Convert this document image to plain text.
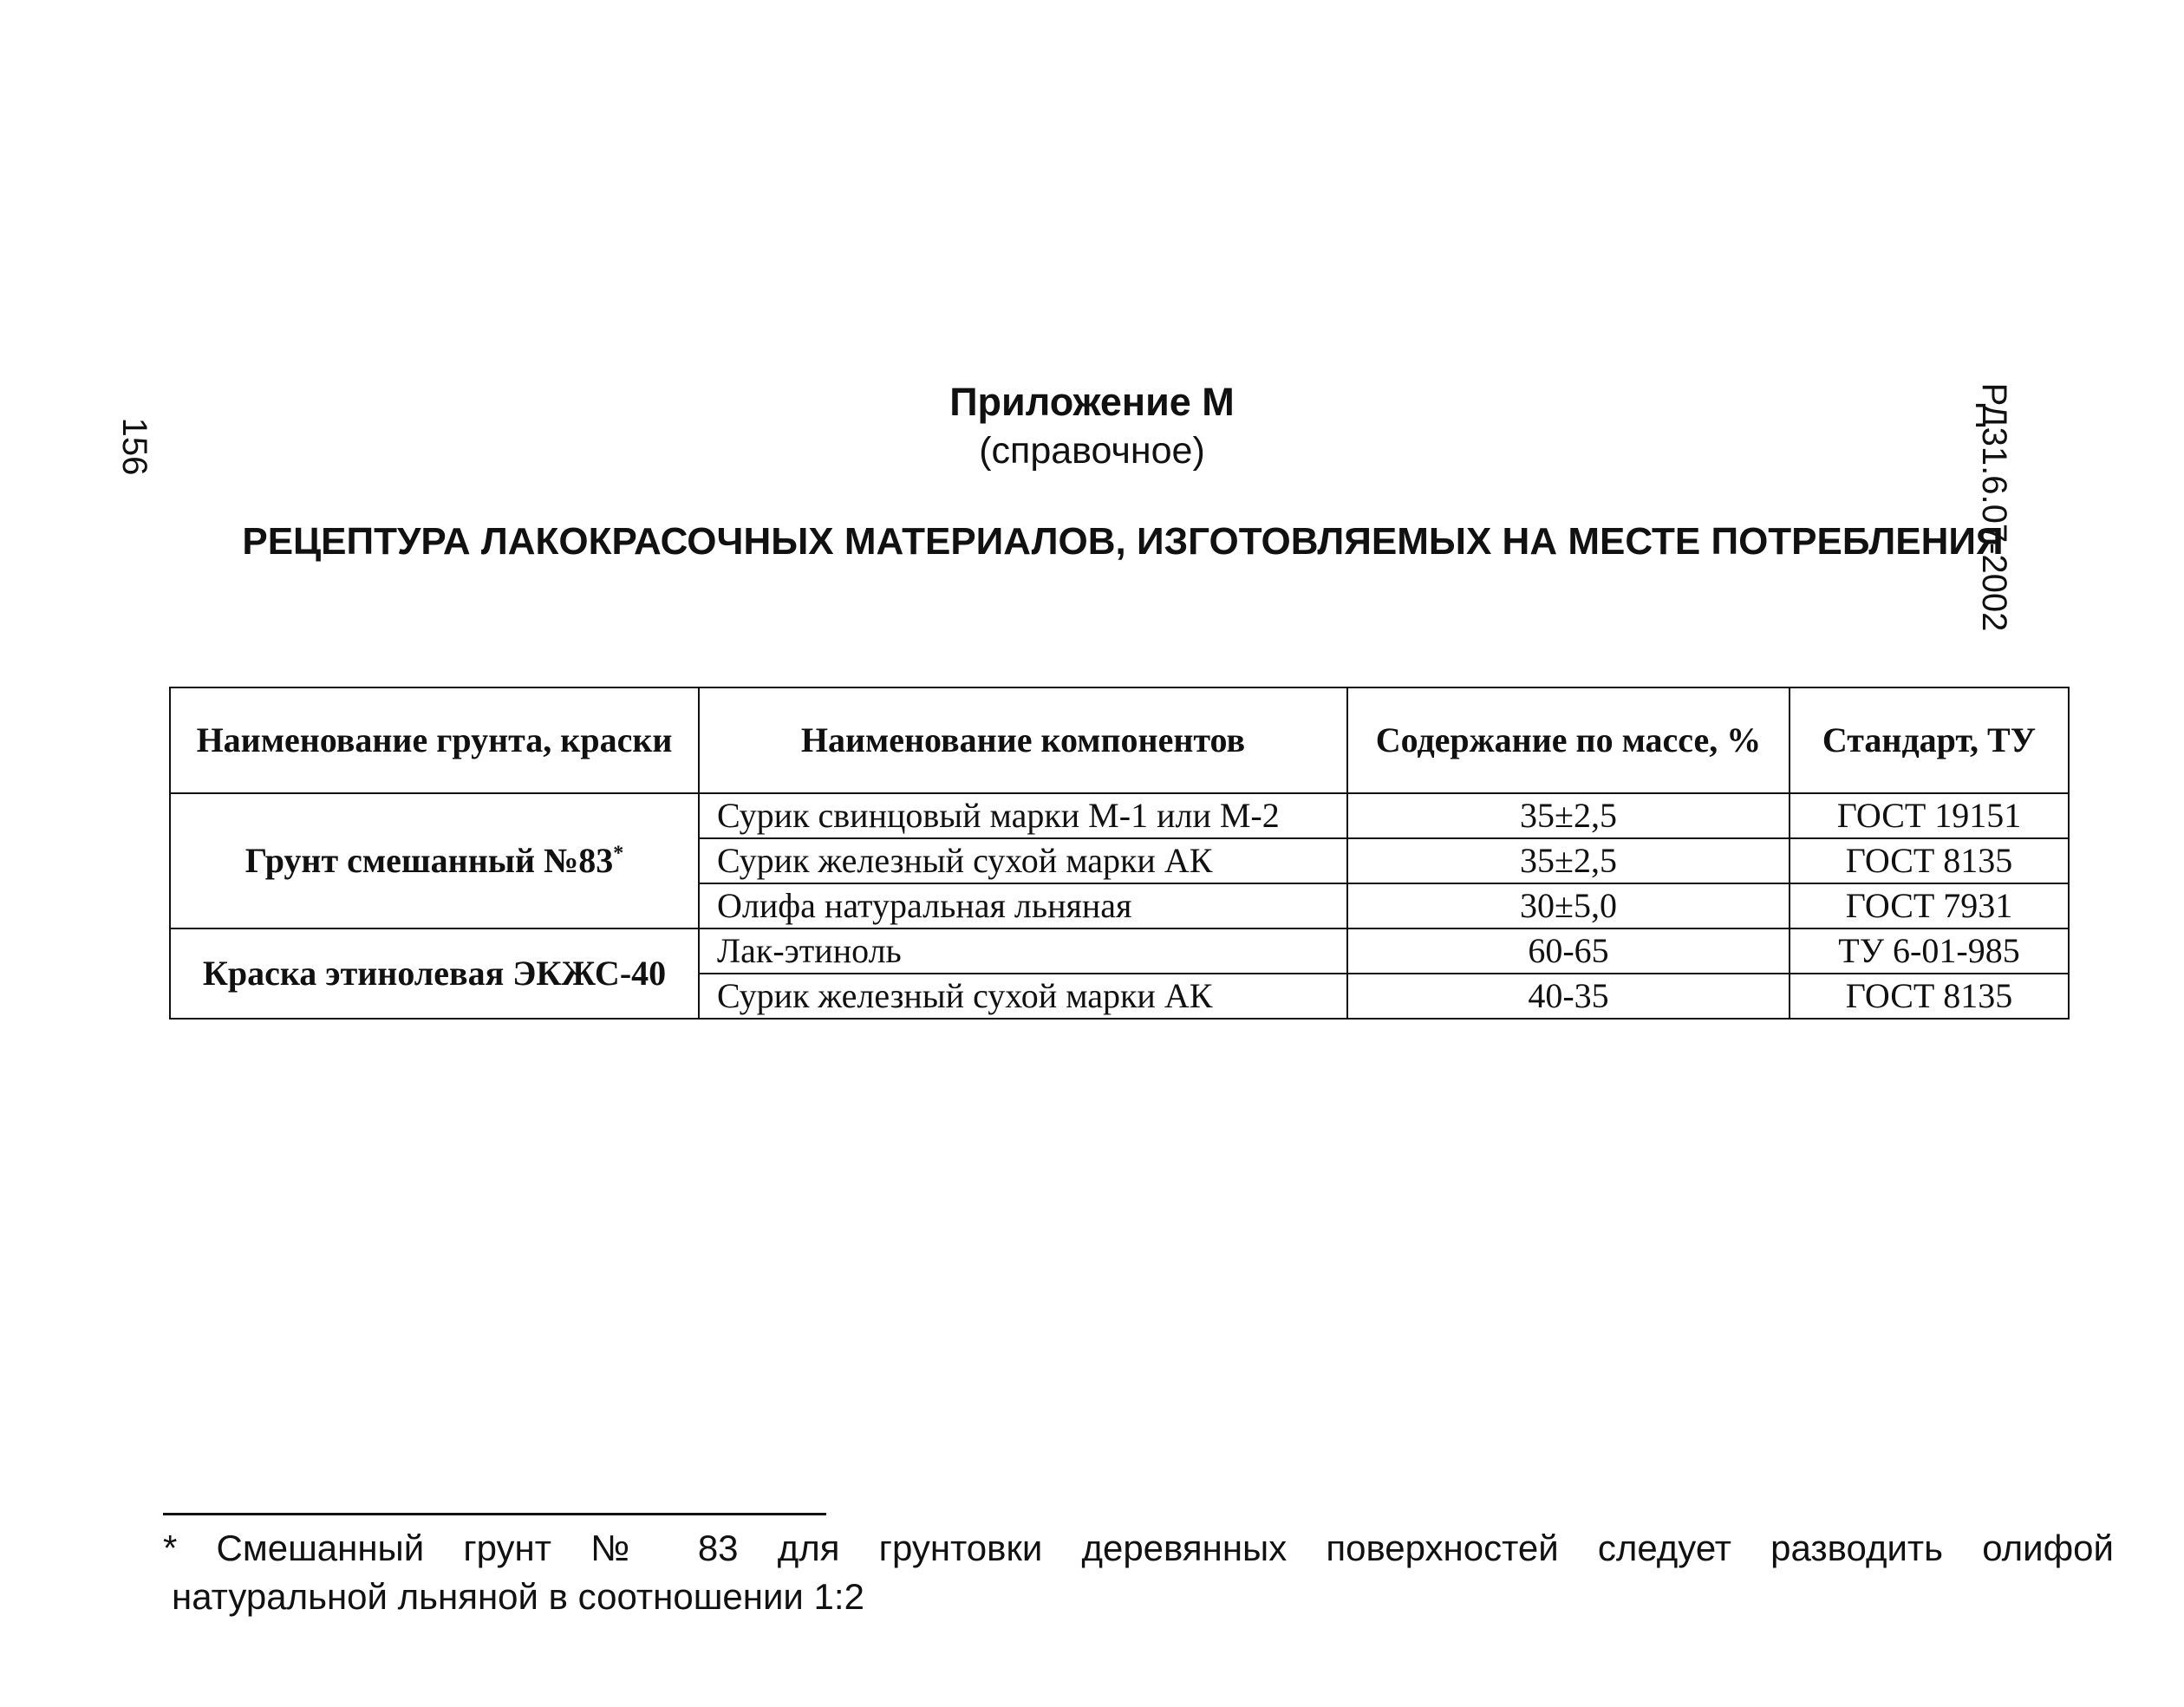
156	РД31.6.07-2002
Приложение М
(справочное)
РЕЦЕПТУРА ЛАКОКРАСОЧНЫХ МАТЕРИАЛОВ, ИЗГОТОВЛЯЕМЫХ НА МЕСТЕ ПОТРЕБЛЕНИЯ
Наименование грунта, краски	Наименование компонентов	Содержание по массе, %	Стандарт, ТУ
Грунт смешанный №83*	Сурик свинцовый марки М-1 или М-2	35±2,5	ГОСТ 19151
	Сурик железный сухой марки АК	35±2,5	ГОСТ 8135
	Олифа натуральная льняная	30±5,0	ГОСТ 7931
Краска этинолевая ЭКЖС-40	Лак-этиноль	60-65	ТУ 6-01-985
	Сурик железный сухой марки АК	40-35	ГОСТ 8135
* Смешанный грунт № 83 для грунтовки деревянных поверхностей следует разводить олифой
натуральной льняной в соотношении 1:2
